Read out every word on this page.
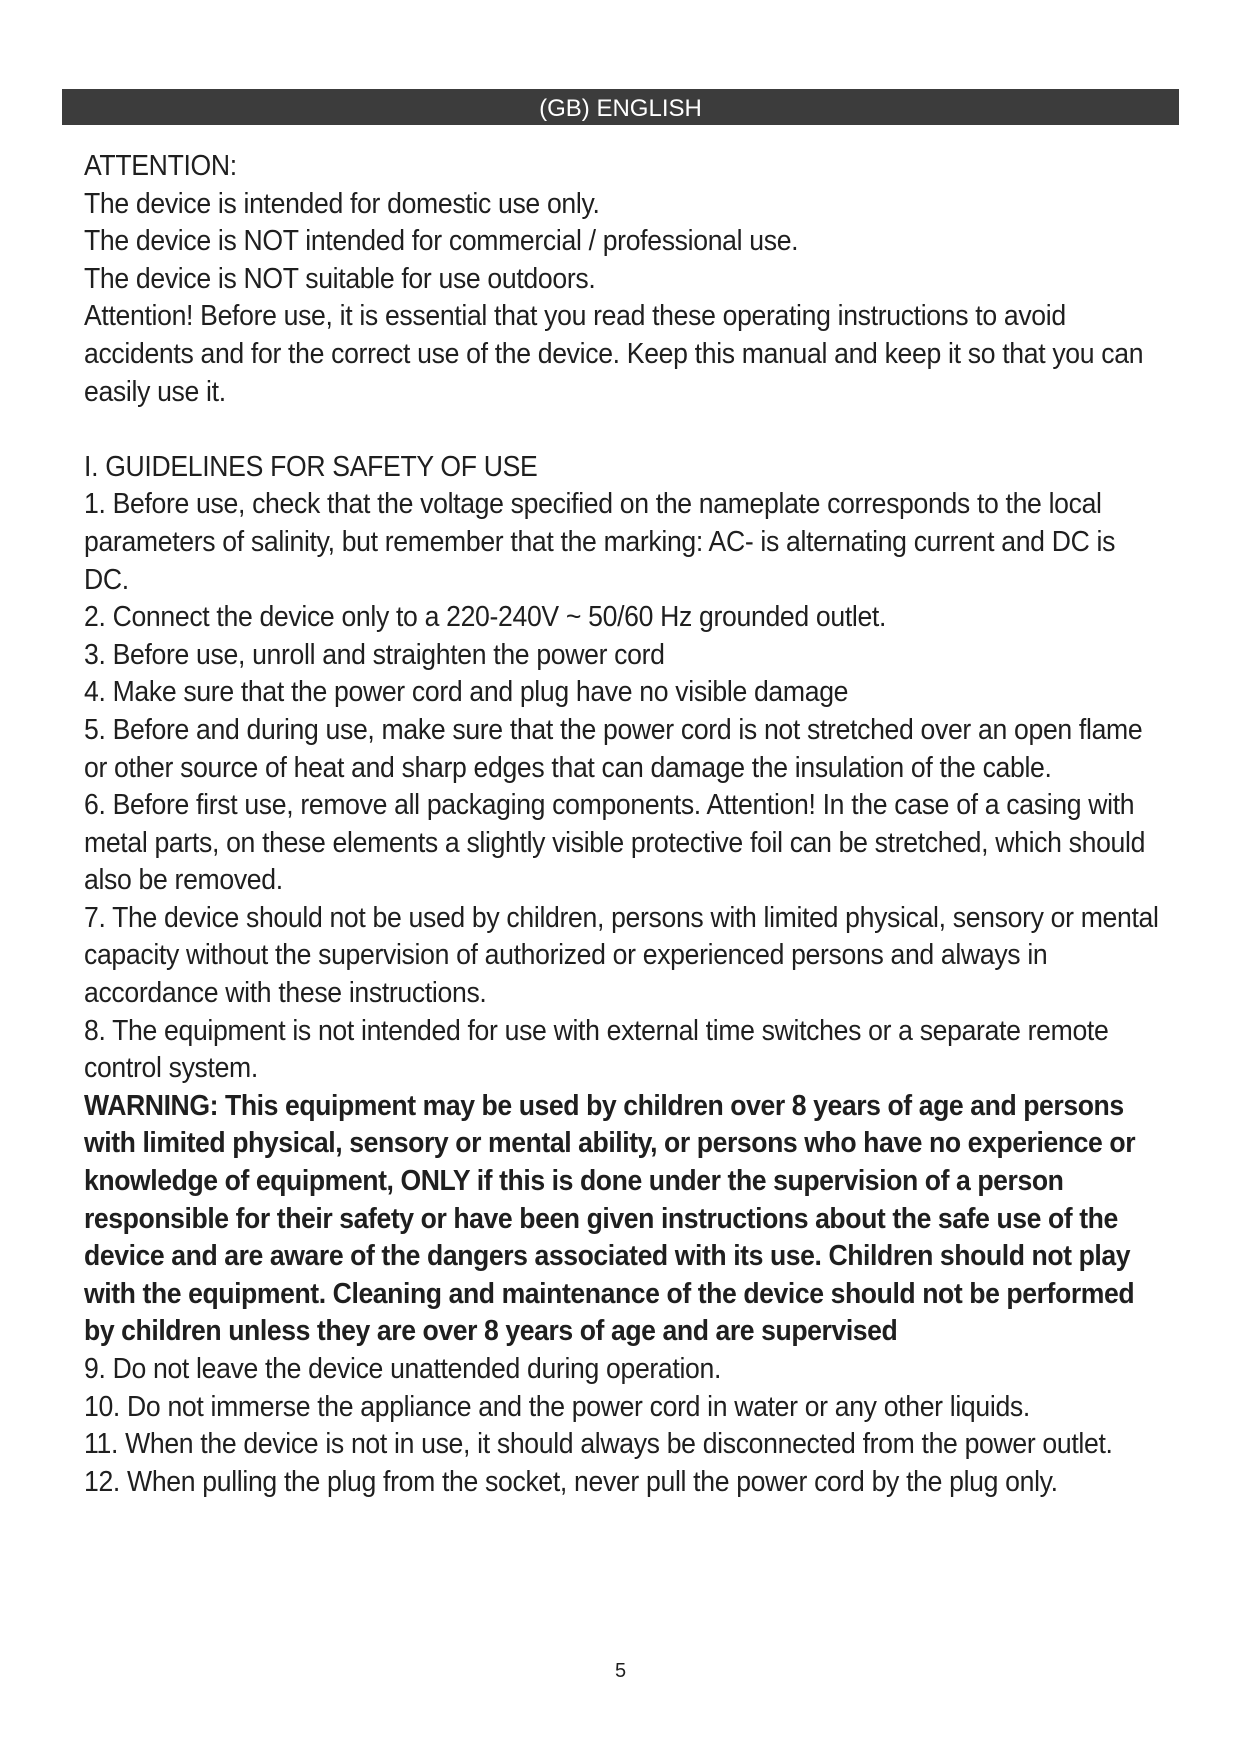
(GB) ENGLISH

ATTENTION:

The device is intended for domestic use only.

The device is NOT intended for commercial / professional use.

The device is NOT suitable for use outdoors.

Attention! Before use, it is essential that you read these operating instructions to avoid accidents and for the correct use of the device. Keep this manual and keep it so that you can easily use it.

I. GUIDELINES FOR SAFETY OF USE

1. Before use, check that the voltage specified on the nameplate corresponds to the local parameters of salinity, but remember that the marking: AC- is alternating current and DC is DC.

2. Connect the device only to a 220-240V ~ 50/60 Hz grounded outlet.

3. Before use, unroll and straighten the power cord

4. Make sure that the power cord and plug have no visible damage

5. Before and during use, make sure that the power cord is not stretched over an open flame or other source of heat and sharp edges that can damage the insulation of the cable.

6. Before first use, remove all packaging components. Attention! In the case of a casing with metal parts, on these elements a slightly visible protective foil can be stretched, which should also be removed.

7. The device should not be used by children, persons with limited physical, sensory or mental capacity without the supervision of authorized or experienced persons and always in accordance with these instructions.

8. The equipment is not intended for use with external time switches or a separate remote control system.

WARNING: This equipment may be used by children over 8 years of age and persons with limited physical, sensory or mental ability, or persons who have no experience or knowledge of equipment, ONLY if this is done under the supervision of a person responsible for their safety or have been given instructions about the safe use of the device and are aware of the dangers associated with its use. Children should not play with the equipment. Cleaning and maintenance of the device should not be performed by children unless they are over 8 years of age and are supervised

9. Do not leave the device unattended during operation.

10. Do not immerse the appliance and the power cord in water or any other liquids.

11. When the device is not in use, it should always be disconnected from the power outlet.

12. When pulling the plug from the socket, never pull the power cord by the plug only.

5
